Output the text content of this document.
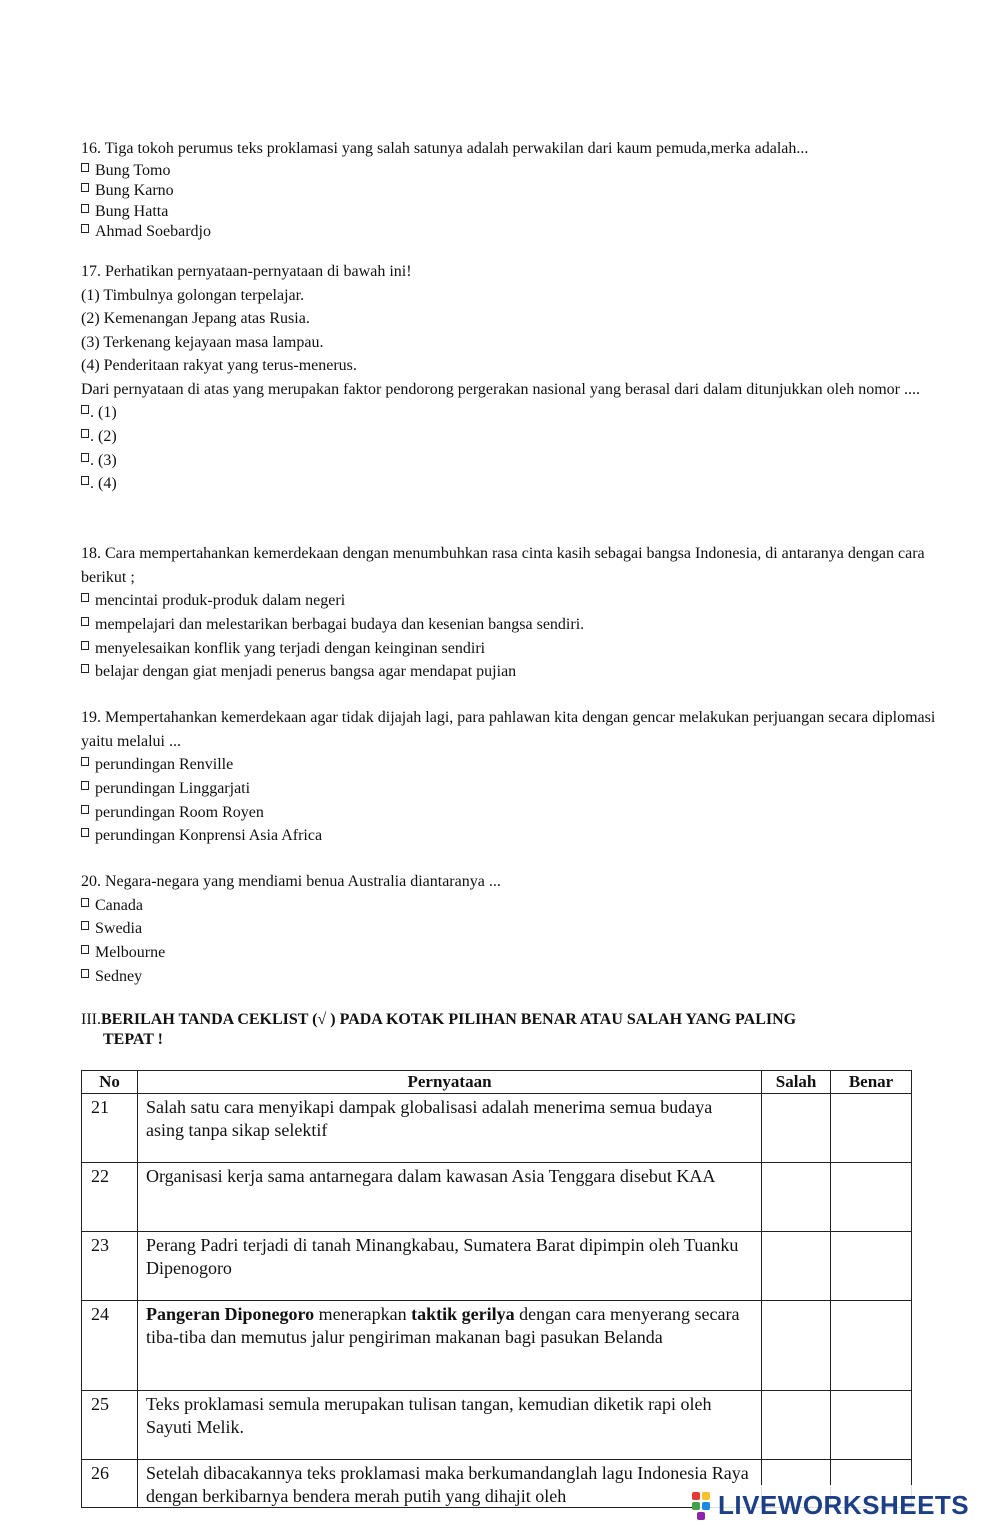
16. Tiga tokoh perumus teks proklamasi yang salah satunya adalah perwakilan dari kaum pemuda,merka adalah...
Bung Tomo
Bung Karno
Bung Hatta
Ahmad Soebardjo
17. Perhatikan pernyataan-pernyataan di bawah ini!
(1) Timbulnya golongan terpelajar.
(2) Kemenangan Jepang atas Rusia.
(3) Terkenang kejayaan masa lampau.
(4) Penderitaan rakyat yang terus-menerus.
Dari pernyataan di atas yang merupakan faktor pendorong pergerakan nasional yang berasal dari dalam ditunjukkan oleh nomor ....
. (1)
. (2)
. (3)
. (4)
18. Cara mempertahankan kemerdekaan dengan menumbuhkan rasa cinta kasih sebagai bangsa Indonesia, di antaranya dengan cara berikut ;
mencintai produk-produk dalam negeri
mempelajari dan melestarikan berbagai budaya dan kesenian bangsa sendiri.
menyelesaikan konflik yang terjadi dengan keinginan sendiri
belajar dengan giat menjadi penerus bangsa agar mendapat pujian
19. Mempertahankan kemerdekaan agar tidak dijajah lagi, para pahlawan kita dengan gencar melakukan perjuangan secara diplomasi yaitu melalui ...
perundingan Renville
perundingan Linggarjati
perundingan Room Royen
perundingan Konprensi Asia Africa
20. Negara-negara yang mendiami benua Australia diantaranya ...
Canada
Swedia
Melbourne
Sedney
III.BERILAH TANDA CEKLIST (√ ) PADA KOTAK PILIHAN BENAR ATAU SALAH YANG PALING
TEPAT !
No	Pernyataan	Salah	Benar
21	Salah satu cara menyikapi dampak globalisasi adalah menerima semua budaya asing tanpa sikap selektif		
22	Organisasi kerja sama antarnegara dalam kawasan Asia Tenggara disebut KAA		
23	Perang Padri terjadi di tanah Minangkabau, Sumatera Barat dipimpin oleh Tuanku Dipenogoro		
24	Pangeran Diponegoro menerapkan taktik gerilya dengan cara menyerang secara tiba-tiba dan memutus jalur pengiriman makanan bagi pasukan Belanda		
25	Teks proklamasi semula merupakan tulisan tangan, kemudian diketik rapi oleh Sayuti Melik.		
26	Setelah dibacakannya teks proklamasi maka berkumandanglah lagu Indonesia Raya dengan berkibarnya bendera merah putih yang dihajit oleh			LIVEWORKSHEETS
